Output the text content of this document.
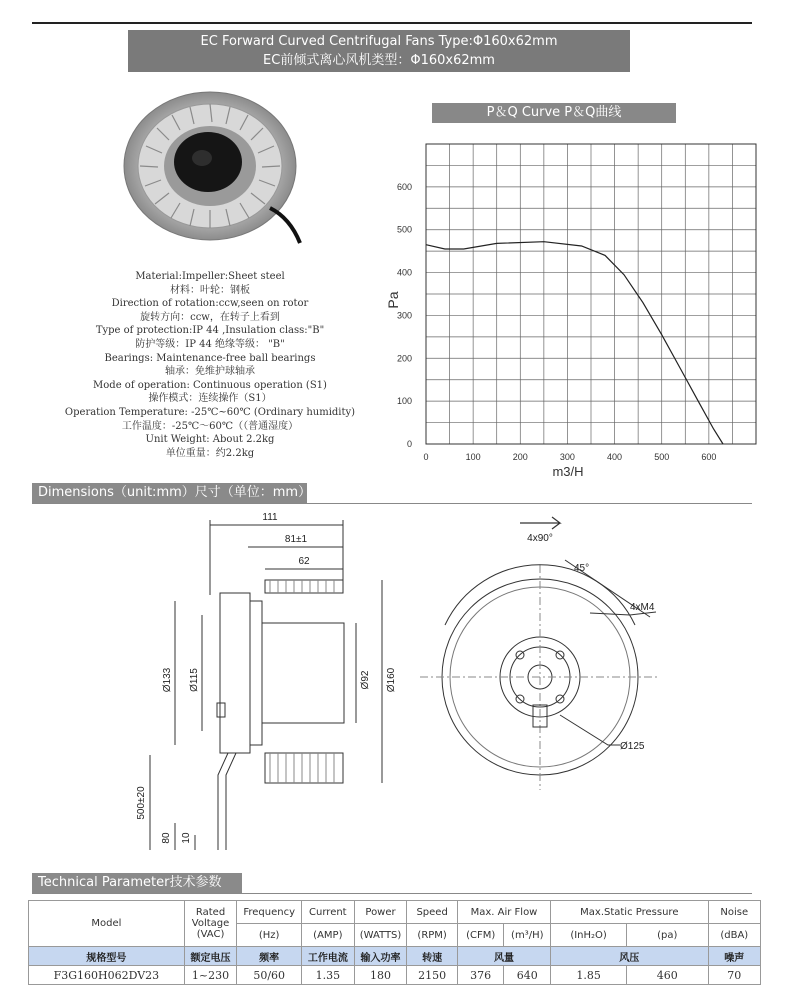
EC Forward Curved Centrifugal Fans Type:Φ160x62mm
EC前倾式离心风机类型：Φ160x62mm
Material:Impeller:Sheet steel
材料：叶轮：钢板
Direction of rotation:ccw,seen on rotor
旋转方向：ccw，在转子上看到
Type of protection:IP 44 ,Insulation class:"B"
防护等级：IP 44 绝缘等级： "B"
Bearings: Maintenance-free ball bearings
轴承：免维护球轴承
Mode of operation: Continuous operation (S1)
操作模式：连续操作（S1）
Operation Temperature: -25℃~60℃ (Ordinary humidity)
工作温度：-25℃～60℃（（普通湿度）
Unit Weight: About 2.2kg
单位重量：约2.2kg
P＆Q Curve P＆Q曲线
0
100
200
300
400
500
600
0	100	200	300	400	500	600
Pa
m3/H
Dimensions（unit:mm）尺寸（单位：mm）
111
81±1
62
Ø133 Ø115	Ø92 Ø160
500±20
80 10
4x90°
45°
4xM4
Ø125
Technical Parameter技术参数
Model	Rated Voltage (VAC)	Frequency	Current	Power	Speed	Max. Air Flow		Max.Static Pressure		Noise
		(Hz)	(AMP)	(WATTS)	(RPM)	(CFM)	(m³/H)	(InH₂O)	(pa)	(dBA)
规格型号	额定电压	频率	工作电流	输入功率	转速	风量		风压		噪声
F3G160H062DV23	1~230	50/60	1.35	180	2150	376	640	1.85	460	70
